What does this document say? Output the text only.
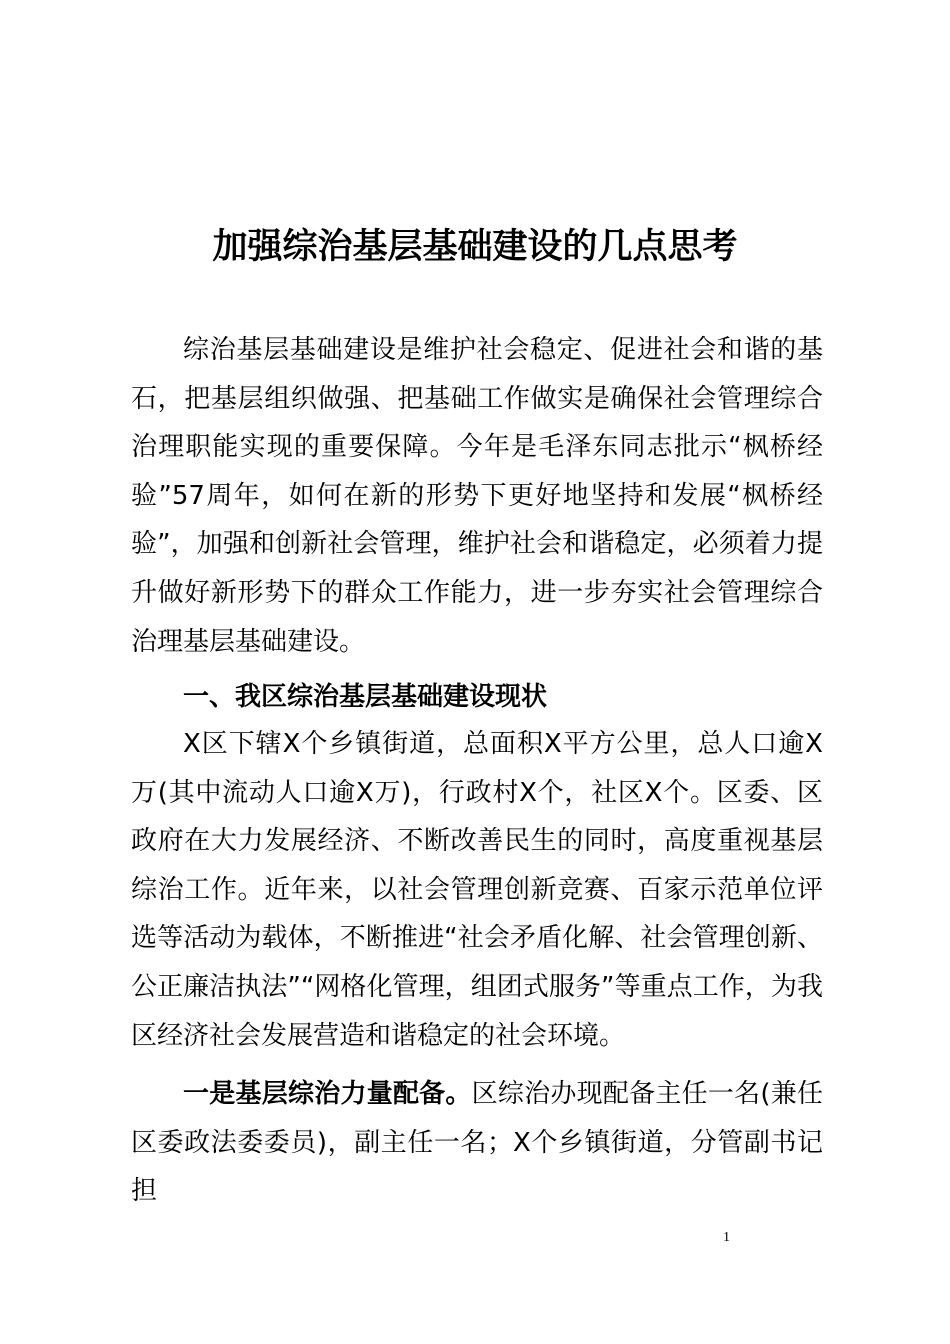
加强综治基层基础建设的几点思考

综治基层基础建设是维护社会稳定、促进社会和谐的基石，把基层组织做强、把基础工作做实是确保社会管理综合治理职能实现的重要保障。今年是毛泽东同志批示“枫桥经验”57周年，如何在新的形势下更好地坚持和发展“枫桥经验”，加强和创新社会管理，维护社会和谐稳定，必须着力提升做好新形势下的群众工作能力，进一步夯实社会管理综合治理基层基础建设。

一、我区综治基层基础建设现状

X区下辖X个乡镇街道，总面积X平方公里，总人口逾X万(其中流动人口逾X万)，行政村X个，社区X个。区委、区政府在大力发展经济、不断改善民生的同时，高度重视基层综治工作。近年来，以社会管理创新竞赛、百家示范单位评选等活动为载体，不断推进“社会矛盾化解、社会管理创新、公正廉洁执法”“网格化管理，组团式服务”等重点工作，为我区经济社会发展营造和谐稳定的社会环境。

一是基层综治力量配备。区综治办现配备主任一名(兼任区委政法委委员)，副主任一名；X个乡镇街道，分管副书记担

1
